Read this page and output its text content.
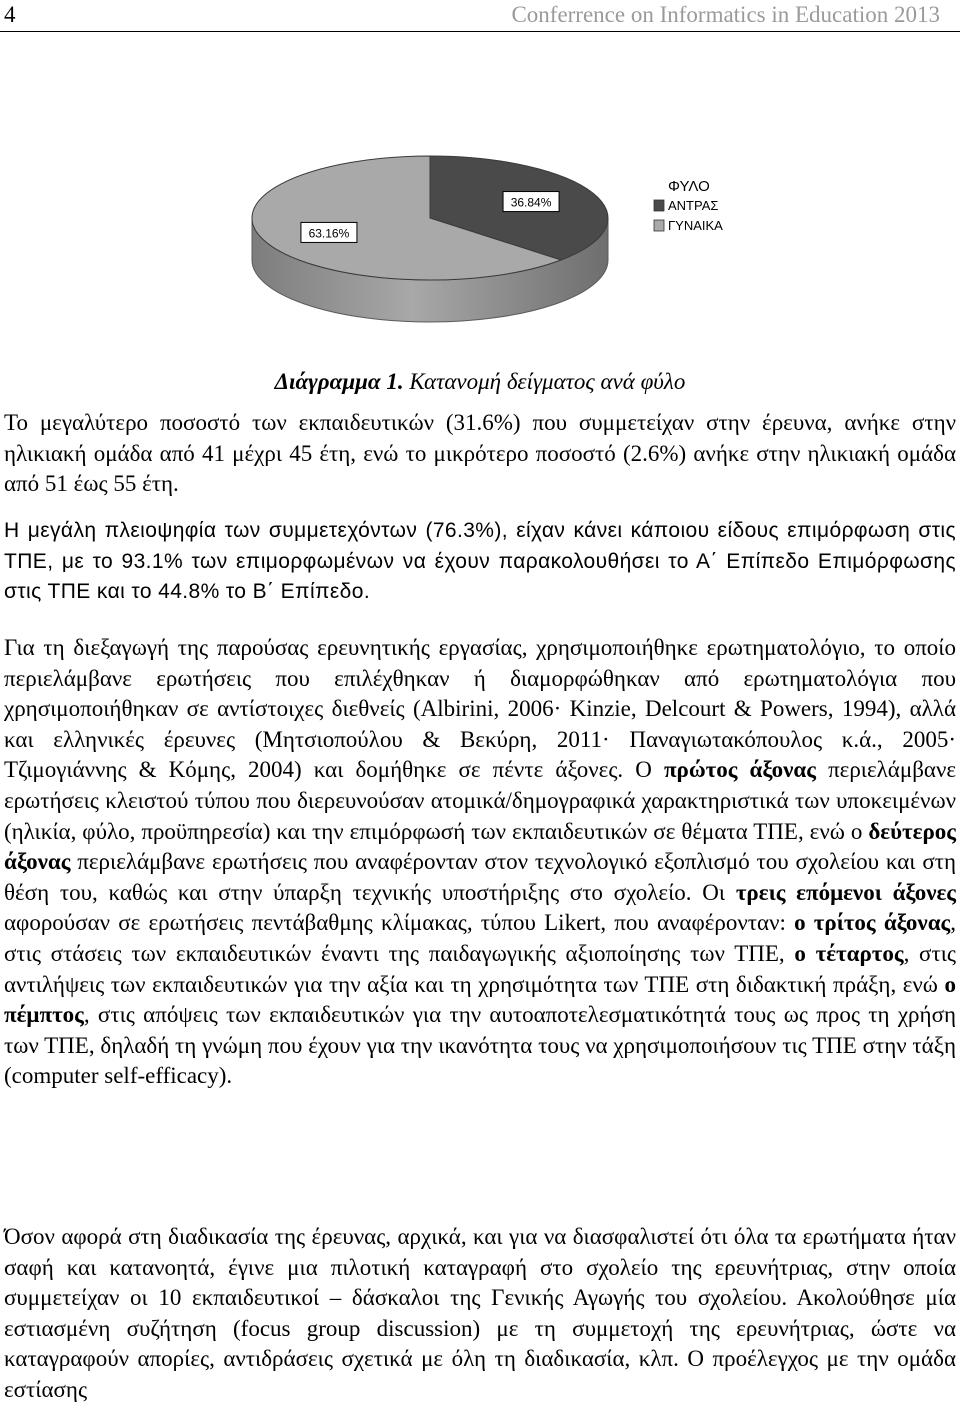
4	Conferrence on Informatics in Education 2013
36.84%
63.16%
ΦΥΛΟ
ΑΝΤΡΑΣ
ΓΥΝΑΙΚΑ
Διάγραμμα 1. Κατανομή δείγματος ανά φύλο

Το μεγαλύτερο ποσοστό των εκπαιδευτικών (31.6%) που συμμετείχαν στην έρευνα, ανήκε στην ηλικιακή ομάδα από 41 μέχρι 45 έτη, ενώ το μικρότερο ποσοστό (2.6%) ανήκε στην ηλικιακή ομάδα από 51 έως 55 έτη.

Η μεγάλη πλειοψηφία των συμμετεχόντων (76.3%), είχαν κάνει κάποιου είδους επιμόρφωση στις ΤΠΕ, με το 93.1% των επιμορφωμένων να έχουν παρακολουθήσει το Α΄ Επίπεδο Επιμόρφωσης στις ΤΠΕ και το 44.8% το Β΄ Επίπεδο.

Για τη διεξαγωγή της παρούσας ερευνητικής εργασίας, χρησιμοποιήθηκε ερωτηματολόγιο, το οποίο περιελάμβανε ερωτήσεις που επιλέχθηκαν ή διαμορφώθηκαν από ερωτηματολόγια που χρησιμοποιήθηκαν σε αντίστοιχες διεθνείς (Albirini, 2006· Kinzie, Delcourt & Powers, 1994), αλλά και ελληνικές έρευνες (Μητσιοπούλου & Βεκύρη, 2011· Παναγιωτακόπουλος κ.ά., 2005· Τζιμογιάννης & Κόμης, 2004) και δομήθηκε σε πέντε άξονες. Ο πρώτος άξονας περιελάμβανε ερωτήσεις κλειστού τύπου που διερευνούσαν ατομικά/δημογραφικά χαρακτηριστικά των υποκειμένων (ηλικία, φύλο, προϋπηρεσία) και την επιμόρφωσή των εκπαιδευτικών σε θέματα ΤΠΕ, ενώ ο δεύτερος άξονας περιελάμβανε ερωτήσεις που αναφέρονταν στον τεχνολογικό εξοπλισμό του σχολείου και στη θέση του, καθώς και στην ύπαρξη τεχνικής υποστήριξης στο σχολείο. Οι τρεις επόμενοι άξονες αφορούσαν σε ερωτήσεις πεντάβαθμης κλίμακας, τύπου Likert, που αναφέρονταν: ο τρίτος άξονας, στις στάσεις των εκπαιδευτικών έναντι της παιδαγωγικής αξιοποίησης των ΤΠΕ, ο τέταρτος, στις αντιλήψεις των εκπαιδευτικών για την αξία και τη χρησιμότητα των ΤΠΕ στη διδακτική πράξη, ενώ ο πέμπτος, στις απόψεις των εκπαιδευτικών για την αυτοαποτελεσματικότητά τους ως προς τη χρήση των ΤΠΕ, δηλαδή τη γνώμη που έχουν για την ικανότητα τους να χρησιμοποιήσουν τις ΤΠΕ στην τάξη (computer self-efficacy).

Όσον αφορά στη διαδικασία της έρευνας, αρχικά, και για να διασφαλιστεί ότι όλα τα ερωτήματα ήταν σαφή και κατανοητά, έγινε μια πιλοτική καταγραφή στο σχολείο της ερευνήτριας, στην οποία συμμετείχαν οι 10 εκπαιδευτικοί – δάσκαλοι της Γενικής Αγωγής του σχολείου. Ακολούθησε μία εστιασμένη συζήτηση (focus group discussion) με τη συμμετοχή της ερευνήτριας, ώστε να καταγραφούν απορίες, αντιδράσεις σχετικά με όλη τη διαδικασία, κλπ. Ο προέλεγχος με την ομάδα εστίασης
